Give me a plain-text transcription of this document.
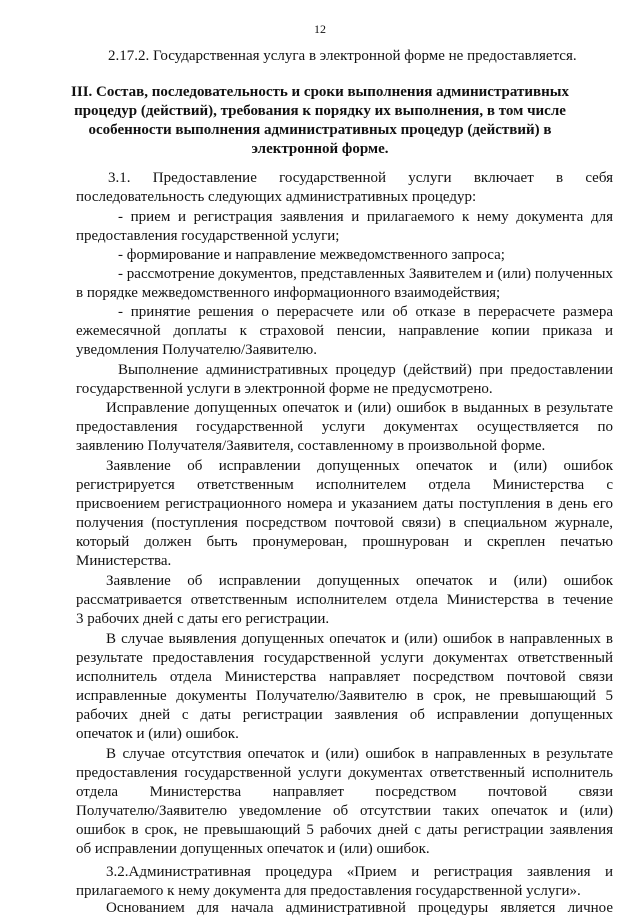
12
2.17.2. Государственная услуга в электронной форме не предоставляется.
III. Состав, последовательность и сроки выполнения административных
процедур (действий), требования к порядку их выполнения, в том числе
особенности выполнения административных процедур (действий) в
электронной форме.
3.1. Предоставление государственной услуги включает в себя
последовательность следующих административных процедур:
- прием и регистрация заявления и прилагаемого к нему документа для
предоставления государственной услуги;
- формирование и направление межведомственного запроса;
- рассмотрение документов, представленных Заявителем и (или) полученных
в порядке межведомственного информационного взаимодействия;
- принятие решения о перерасчете или об отказе в перерасчете размера
ежемесячной доплаты к страховой пенсии, направление копии приказа и
уведомления Получателю/Заявителю.
Выполнение административных процедур (действий) при предоставлении
государственной услуги в электронной форме не предусмотрено.
Исправление допущенных опечаток и (или) ошибок в выданных в результате
предоставления государственной услуги документах осуществляется по
заявлению Получателя/Заявителя, составленному в произвольной форме.
Заявление об исправлении допущенных опечаток и (или) ошибок
регистрируется ответственным исполнителем отдела Министерства с
присвоением регистрационного номера и указанием даты поступления в день его
получения (поступления посредством почтовой связи) в специальном журнале,
который должен быть пронумерован, прошнурован и скреплен печатью
Министерства.
Заявление об исправлении допущенных опечаток и (или) ошибок
рассматривается ответственным исполнителем отдела Министерства в течение
3 рабочих дней с даты его регистрации.
В случае выявления допущенных опечаток и (или) ошибок в направленных в
результате предоставления государственной услуги документах ответственный
исполнитель отдела Министерства направляет посредством почтовой связи
исправленные документы Получателю/Заявителю в срок, не превышающий 5
рабочих дней с даты регистрации заявления об исправлении допущенных
опечаток и (или) ошибок.
В случае отсутствия опечаток и (или) ошибок в направленных в результате
предоставления государственной услуги документах ответственный исполнитель
отдела Министерства направляет посредством почтовой связи
Получателю/Заявителю уведомление об отсутствии таких опечаток и (или)
ошибок в срок, не превышающий 5 рабочих дней с даты регистрации заявления
об исправлении допущенных опечаток и (или) ошибок.
3.2.Административная процедура «Прием и регистрация заявления и
прилагаемого к нему документа для предоставления государственной услуги».
Основанием для начала административной процедуры является личное
